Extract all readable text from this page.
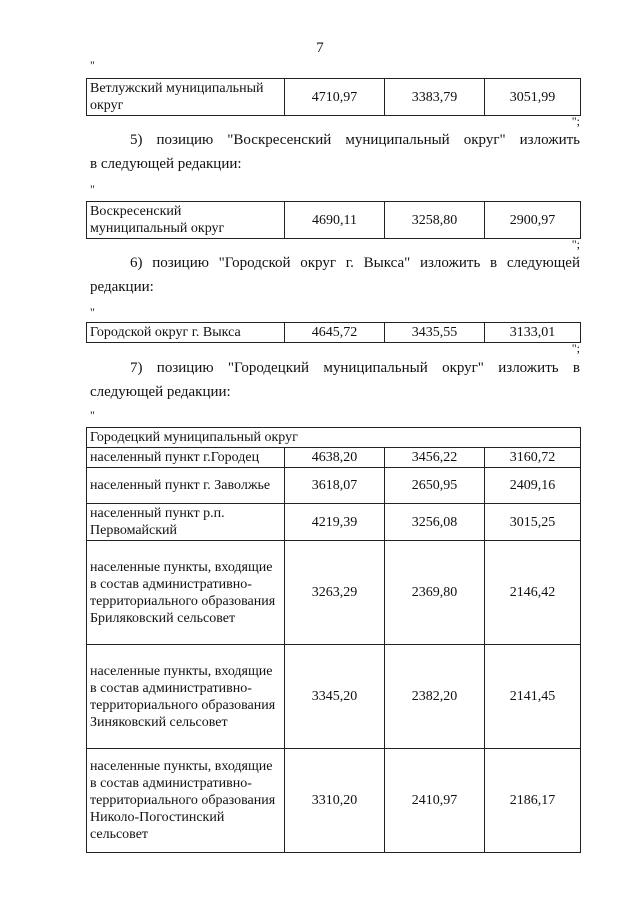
7
"
Ветлужский муниципальный округ	4710,97	3383,79	3051,99
";
5) позицию "Воскресенский муниципальный округ" изложить
в следующей редакции:
"
Воскресенский муниципальный округ	4690,11	3258,80	2900,97
";
6) позицию "Городской округ г. Выкса" изложить в следующей
редакции:
"
Городской округ г. Выкса	4645,72	3435,55	3133,01
";
7) позицию "Городецкий муниципальный округ" изложить в
следующей редакции:
"
Городецкий муниципальный округ			
населенный пункт г.Городец	4638,20	3456,22	3160,72
населенный пункт г. Заволжье	3618,07	2650,95	2409,16
населенный пункт р.п. Первомайский	4219,39	3256,08	3015,25
населенные пункты, входящие в состав административно-территориального образования Бриляковский сельсовет	3263,29	2369,80	2146,42
населенные пункты, входящие в состав административно-территориального образования Зиняковский сельсовет	3345,20	2382,20	2141,45
населенные пункты, входящие в состав административно-территориального образования Николо-Погостинский сельсовет	3310,20	2410,97	2186,17
